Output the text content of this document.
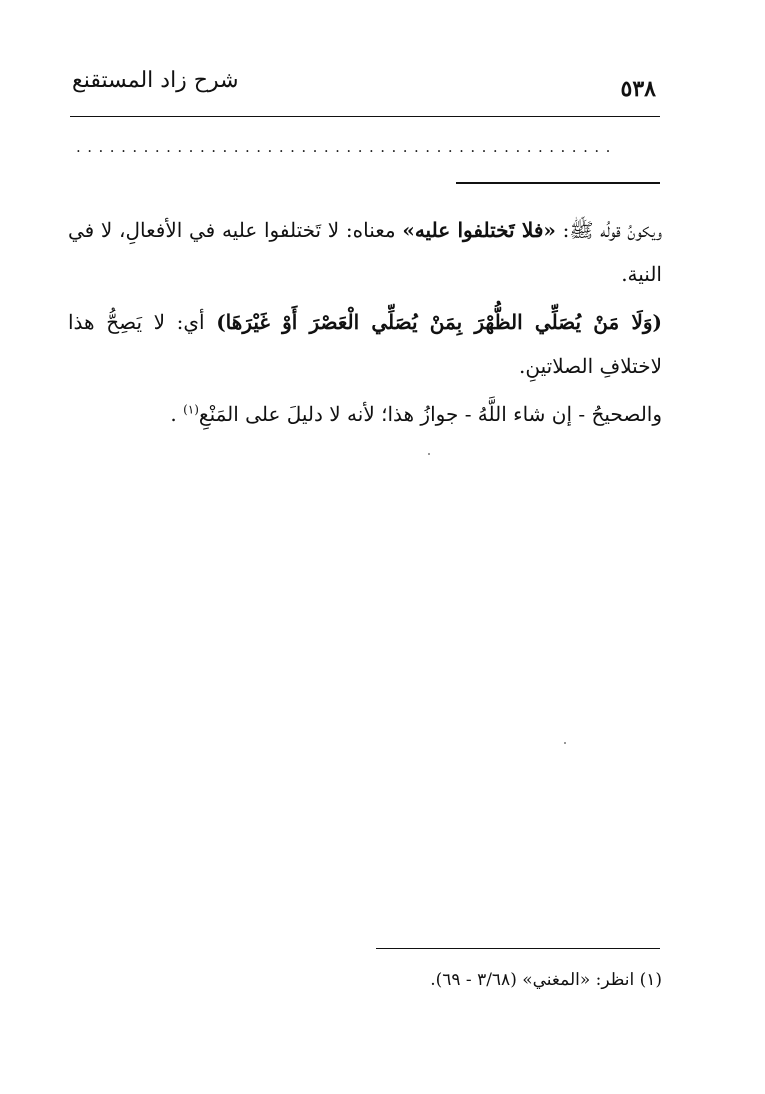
٥٣٨
شرح زاد المستقنع
................................................

ويكونُ قولُه ﷺ: «فلا تَختلفوا عليه» معناه: لا تَختلفوا عليه في الأفعالِ، لا في النية.

(وَلَا مَنْ يُصَلِّي الظُّهْرَ بِمَنْ يُصَلِّي الْعَصْرَ أَوْ غَيْرَهَا) أي: لا يَصِحُّ هذا لاختلافِ الصلاتينِ.

والصحيحُ - إن شاء اللَّهُ - جوازُ هذا؛ لأنه لا دليلَ على المَنْعِ$^{(١)}$ .

(١) انظر: «المغني» (٣/٦٨ - ٦٩).
